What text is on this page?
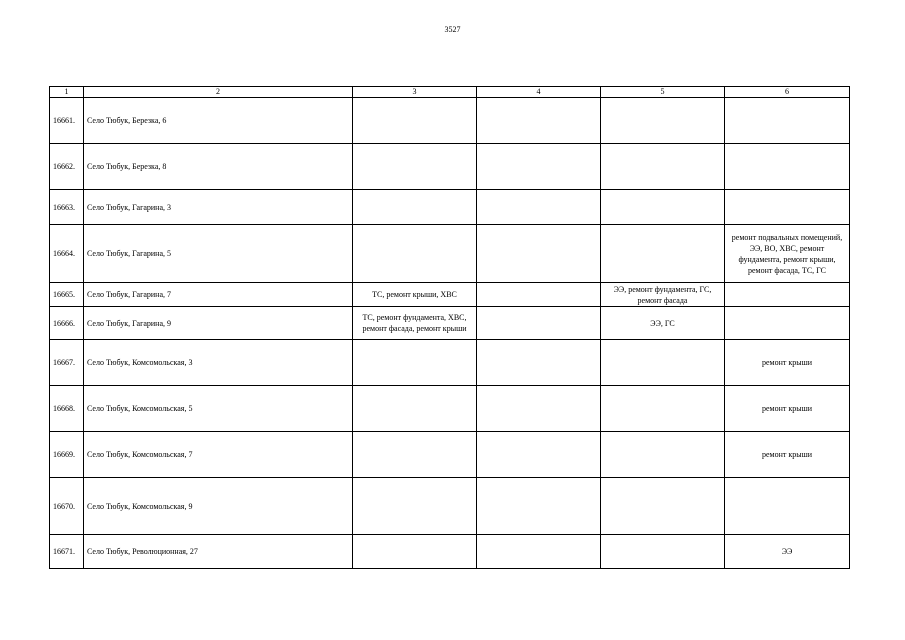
3527
1	2	3	4	5	6
16661.	Село Тюбук, Березка, 6				
16662.	Село Тюбук, Березка, 8				
16663.	Село Тюбук, Гагарина, 3				
16664.	Село Тюбук, Гагарина, 5				ремонт подвальных помещений, ЭЭ, ВО, ХВС, ремонт фундамента, ремонт крыши, ремонт фасада, ТС, ГС
16665.	Село Тюбук, Гагарина, 7	ТС, ремонт крыши, ХВС		ЭЭ, ремонт фундамента, ГС, ремонт фасада	
16666.	Село Тюбук, Гагарина, 9	ТС, ремонт фундамента, ХВС, ремонт фасада, ремонт крыши		ЭЭ, ГС	
16667.	Село Тюбук, Комсомольская, 3				ремонт крыши
16668.	Село Тюбук, Комсомольская, 5				ремонт крыши
16669.	Село Тюбук, Комсомольская, 7				ремонт крыши
16670.	Село Тюбук, Комсомольская, 9				
16671.	Село Тюбук, Революционная, 27				ЭЭ
